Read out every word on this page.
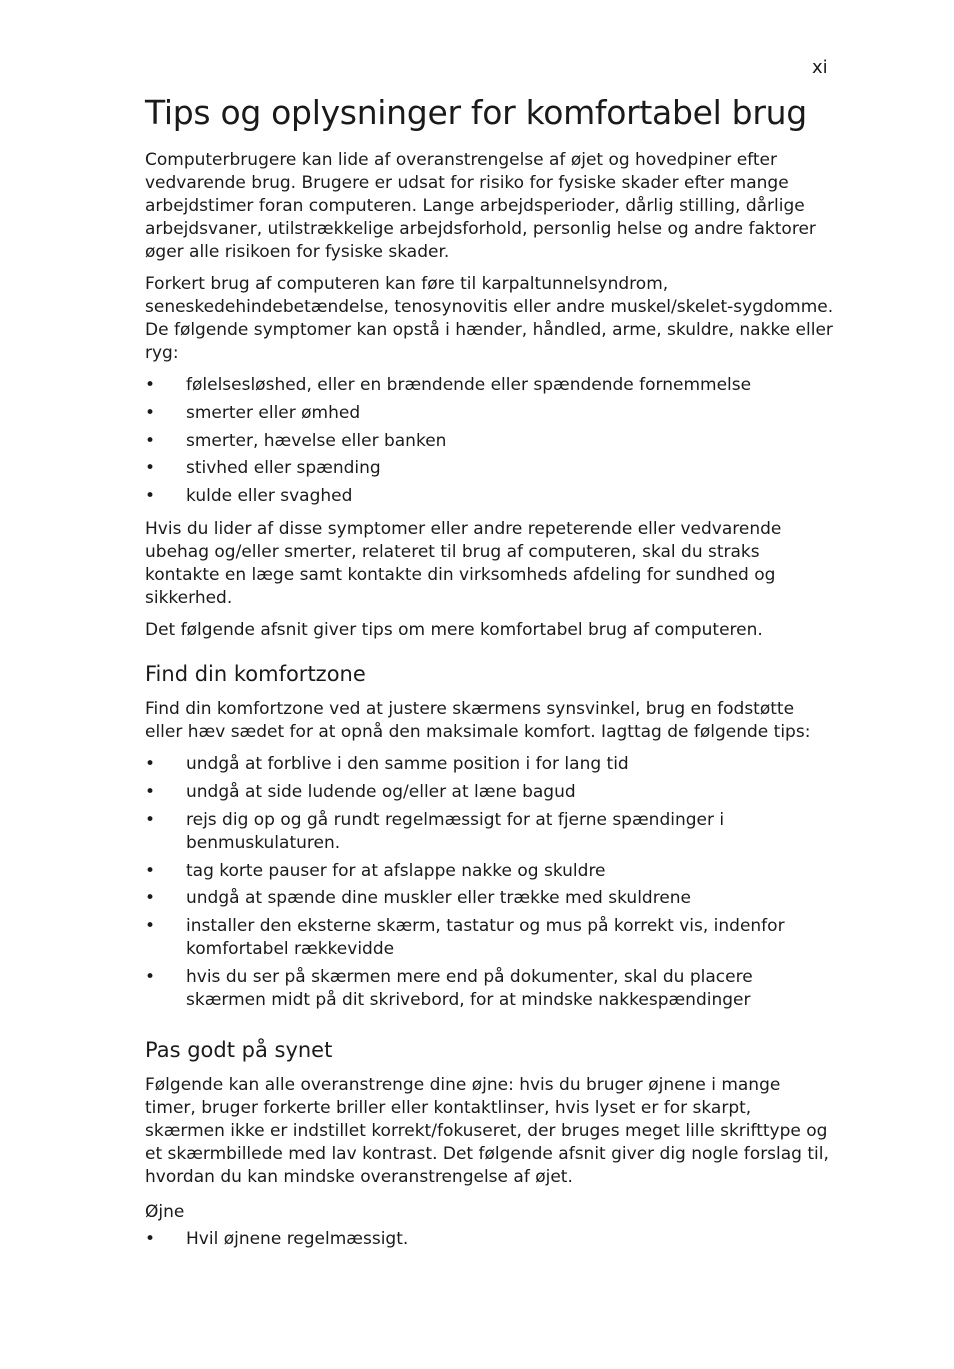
xi
Tips og oplysninger for komfortabel brug

Computerbrugere kan lide af overanstrengelse af øjet og hovedpiner efter vedvarende brug. Brugere er udsat for risiko for fysiske skader efter mange arbejdstimer foran computeren. Lange arbejdsperioder, dårlig stilling, dårlige arbejdsvaner, utilstrækkelige arbejdsforhold, personlig helse og andre faktorer øger alle risikoen for fysiske skader.

Forkert brug af computeren kan føre til karpaltunnelsyndrom, seneskedehindebetændelse, tenosynovitis eller andre muskel/skelet-sygdomme. De følgende symptomer kan opstå i hænder, håndled, arme, skuldre, nakke eller ryg:

• følelsesløshed, eller en brændende eller spændende fornemmelse
• smerter eller ømhed
• smerter, hævelse eller banken
• stivhed eller spænding
• kulde eller svaghed

Hvis du lider af disse symptomer eller andre repeterende eller vedvarende ubehag og/eller smerter, relateret til brug af computeren, skal du straks kontakte en læge samt kontakte din virksomheds afdeling for sundhed og sikkerhed.

Det følgende afsnit giver tips om mere komfortabel brug af computeren.

Find din komfortzone

Find din komfortzone ved at justere skærmens synsvinkel, brug en fodstøtte eller hæv sædet for at opnå den maksimale komfort. Iagttag de følgende tips:

• undgå at forblive i den samme position i for lang tid
• undgå at side ludende og/eller at læne bagud
• rejs dig op og gå rundt regelmæssigt for at fjerne spændinger i benmuskulaturen.
• tag korte pauser for at afslappe nakke og skuldre
• undgå at spænde dine muskler eller trække med skuldrene
• installer den eksterne skærm, tastatur og mus på korrekt vis, indenfor komfortabel rækkevidde
• hvis du ser på skærmen mere end på dokumenter, skal du placere skærmen midt på dit skrivebord, for at mindske nakkespændinger
Pas godt på synet

Følgende kan alle overanstrenge dine øjne: hvis du bruger øjnene i mange timer, bruger forkerte briller eller kontaktlinser, hvis lyset er for skarpt, skærmen ikke er indstillet korrekt/fokuseret, der bruges meget lille skrifttype og et skærmbillede med lav kontrast. Det følgende afsnit giver dig nogle forslag til, hvordan du kan mindske overanstrengelse af øjet.

Øjne

• Hvil øjnene regelmæssigt.
